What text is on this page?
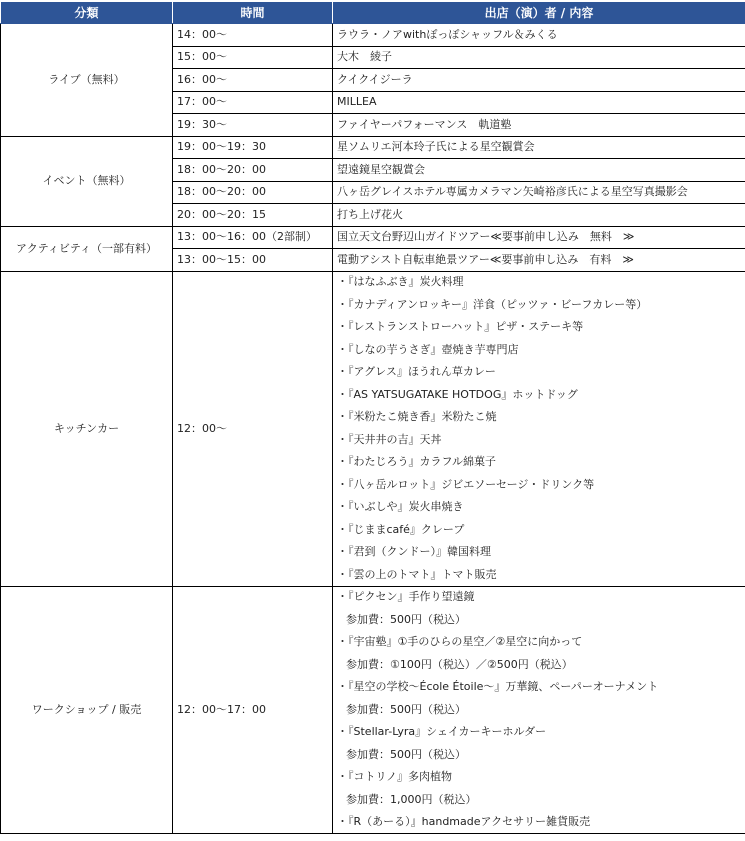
分類	時間	出店（演）者 / 内容
ライブ（無料）	14：00～	ラウラ・ノアwithぽっぽシャッフル＆みくる
	15：00～	大木　綾子
	16：00～	クイクイジーラ
	17：00～	MILLEA
	19：30～	ファイヤーパフォーマンス　軌道塾
イベント（無料）	19：00～19：30	星ソムリエ河本玲子氏による星空観賞会
	18：00～20：00	望遠鏡星空観賞会
	18：00～20：00	八ヶ岳グレイスホテル専属カメラマン矢崎裕彦氏による星空写真撮影会
	20：00～20：15	打ち上げ花火
アクティビティ（一部有料）	13：00～16：00（2部制）	国立天文台野辺山ガイドツアー≪要事前申し込み　無料　≫
	13：00～15：00	電動アシスト自転車絶景ツアー≪要事前申し込み　有料　≫
キッチンカー	12：00～	・『はなふぶき』炭火料理
		・『カナディアンロッキー』洋食（ピッツァ・ビーフカレー等）
		・『レストランストローハット』ピザ・ステーキ等
		・『しなの芋うさぎ』壺焼き芋専門店
		・『アグレス』ほうれん草カレー
		・『AS YATSUGATAKE HOTDOG』ホットドッグ
		・『米粉たこ焼き香』米粉たこ焼
		・『天井井の吉』天丼
		・『わたじろう』カラフル綿菓子
		・『八ヶ岳ルロット』ジビエソーセージ・ドリンク等
		・『いぶしや』炭火串焼き
		・『じままcafé』クレープ
		・『君到（クンドー）』韓国料理
		・『雲の上のトマト』トマト販売
ワークショップ / 販売	12：00～17：00	・『ピクセン』手作り望遠鏡
		参加費：500円（税込）
		・『宇宙塾』①手のひらの星空／②星空に向かって
		参加費：①100円（税込）／②500円（税込）
		・『星空の学校～École Étoile～』万華鏡、ペーパーオーナメント
		参加費：500円（税込）
		・『Stellar-Lyra』シェイカーキーホルダー
		参加費：500円（税込）
		・『コトリノ』多肉植物
		参加費：1,000円（税込）
		・『R（あーる）』handmadeアクセサリー雑貨販売
